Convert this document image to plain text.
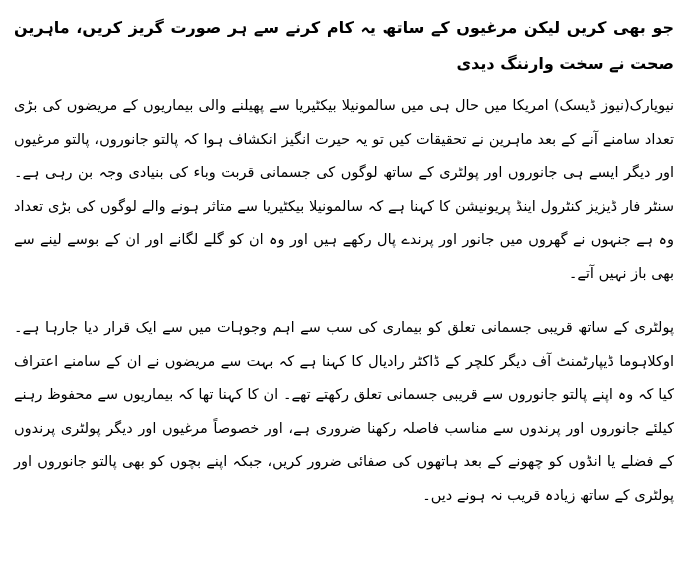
جو بھی کریں لیکن مرغیوں کے ساتھ یہ کام کرنے سے ہر صورت گریز کریں، ماہرین صحت نے سخت وارننگ دیدی

نیویارک(نیوز ڈیسک) امریکا میں حال ہی میں سالمونیلا بیکٹیریا سے پھیلنے والی بیماریوں کے مریضوں کی بڑی تعداد سامنے آنے کے بعد ماہرین نے تحقیقات کیں تو یہ حیرت انگیز انکشاف ہوا کہ پالتو جانوروں، پالتو مرغیوں اور دیگر ایسے ہی جانوروں اور پولٹری کے ساتھ لوگوں کی جسمانی قربت وباء کی بنیادی وجہ بن رہی ہے۔ سنٹر فار ڈیزیز کنٹرول اینڈ پریونیشن کا کہنا ہے کہ سالمونیلا بیکٹیریا سے متاثر ہونے والے لوگوں کی بڑی تعداد وہ ہے جنہوں نے گھروں میں جانور اور پرندے پال رکھے ہیں اور وہ ان کو گلے لگانے اور ان کے بوسے لینے سے بھی باز نہیں آتے۔

پولٹری کے ساتھ قریبی جسمانی تعلق کو بیماری کی سب سے اہم وجوہات میں سے ایک قرار دیا جارہا ہے۔ اوکلاہوما ڈیپارٹمنٹ آف دیگر کلچر کے ڈاکٹر رادیال کا کہنا ہے کہ بہت سے مریضوں نے ان کے سامنے اعتراف کیا کہ وہ اپنے پالتو جانوروں سے قریبی جسمانی تعلق رکھتے تھے۔ ان کا کہنا تھا کہ بیماریوں سے محفوظ رہنے کیلئے جانوروں اور پرندوں سے مناسب فاصلہ رکھنا ضروری ہے، اور خصوصاً مرغیوں اور دیگر پولٹری پرندوں کے فضلے یا انڈوں کو چھونے کے بعد ہاتھوں کی صفائی ضرور کریں، جبکہ اپنے بچوں کو بھی پالتو جانوروں اور پولٹری کے ساتھ زیادہ قریب نہ ہونے دیں۔
